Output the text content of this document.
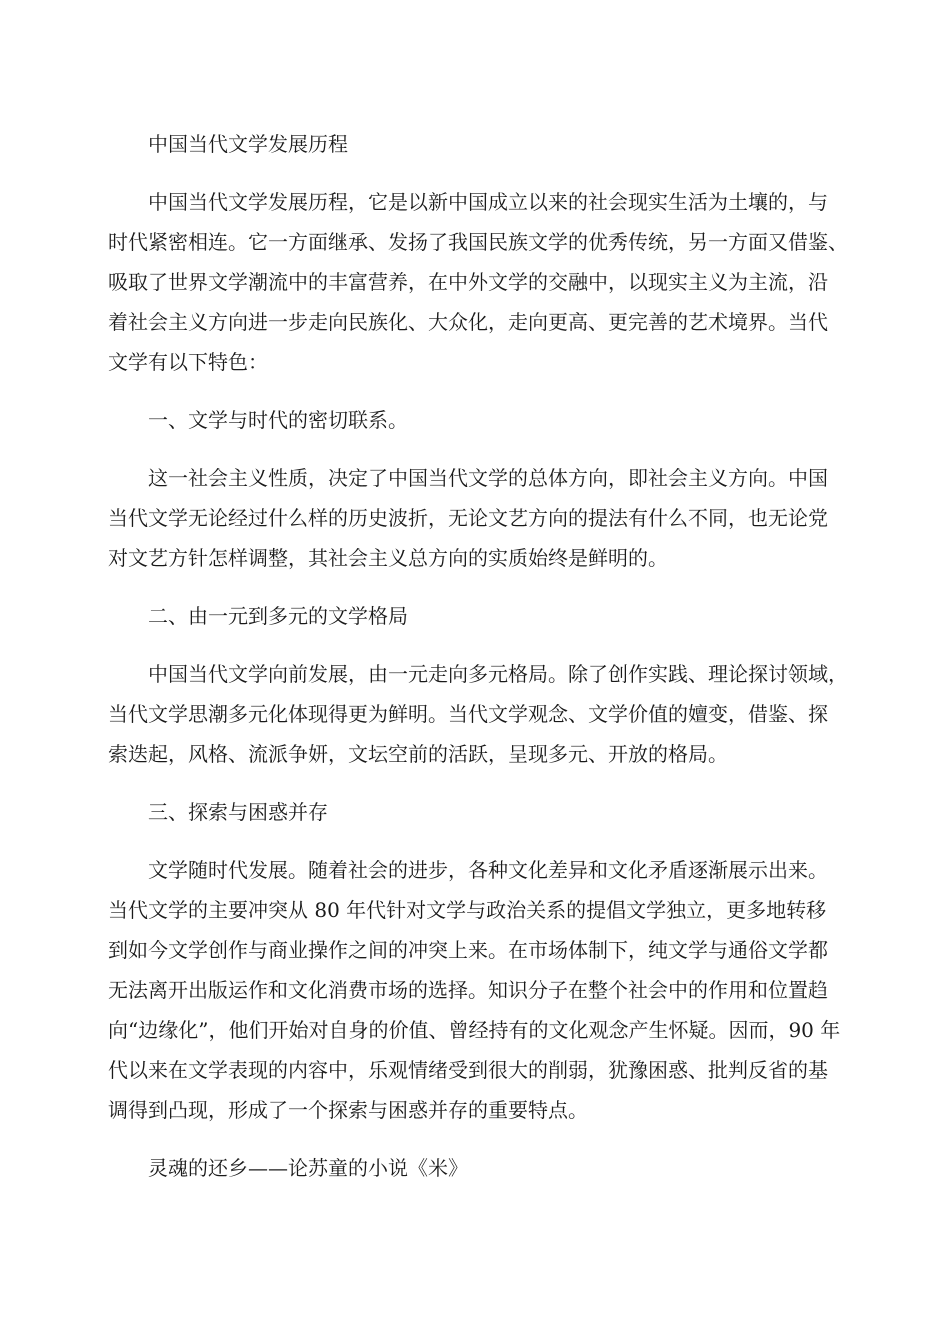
中国当代文学发展历程

中国当代文学发展历程，它是以新中国成立以来的社会现实生活为土壤的，与
时代紧密相连。它一方面继承、发扬了我国民族文学的优秀传统，另一方面又借鉴、
吸取了世界文学潮流中的丰富营养，在中外文学的交融中，以现实主义为主流，沿
着社会主义方向进一步走向民族化、大众化，走向更高、更完善的艺术境界。当代
文学有以下特色：

一、文学与时代的密切联系。

这一社会主义性质，决定了中国当代文学的总体方向，即社会主义方向。中国
当代文学无论经过什么样的历史波折，无论文艺方向的提法有什么不同，也无论党
对文艺方针怎样调整，其社会主义总方向的实质始终是鲜明的。

二、由一元到多元的文学格局

中国当代文学向前发展，由一元走向多元格局。除了创作实践、理论探讨领域，
当代文学思潮多元化体现得更为鲜明。当代文学观念、文学价值的嬗变，借鉴、探
索迭起，风格、流派争妍，文坛空前的活跃，呈现多元、开放的格局。

三、探索与困惑并存

文学随时代发展。随着社会的进步，各种文化差异和文化矛盾逐渐展示出来。
当代文学的主要冲突从 80 年代针对文学与政治关系的提倡文学独立，更多地转移
到如今文学创作与商业操作之间的冲突上来。在市场体制下，纯文学与通俗文学都
无法离开出版运作和文化消费市场的选择。知识分子在整个社会中的作用和位置趋
向“边缘化”，他们开始对自身的价值、曾经持有的文化观念产生怀疑。因而，90 年
代以来在文学表现的内容中，乐观情绪受到很大的削弱，犹豫困惑、批判反省的基
调得到凸现，形成了一个探索与困惑并存的重要特点。

灵魂的还乡——论苏童的小说《米》
